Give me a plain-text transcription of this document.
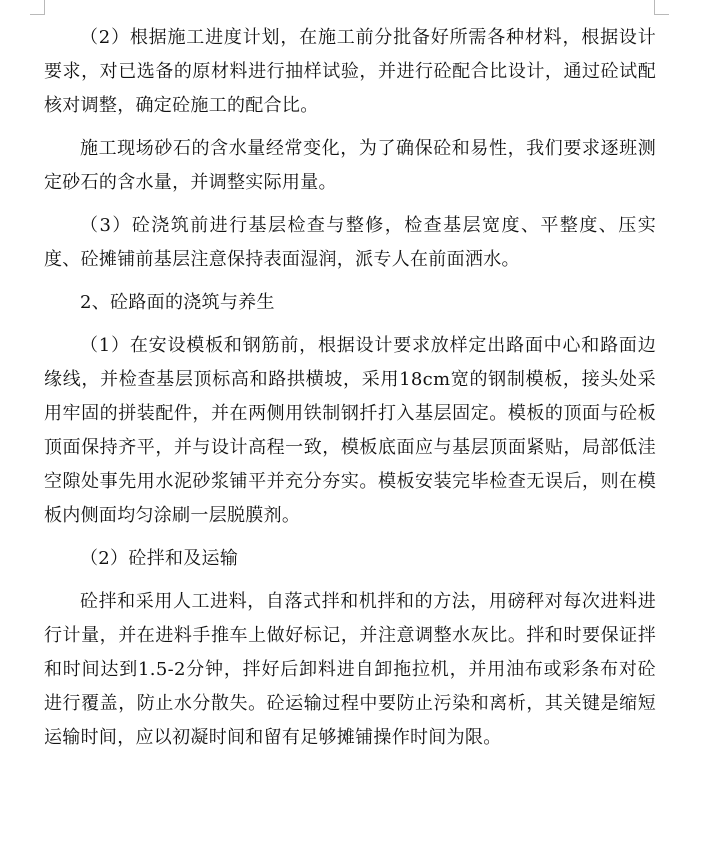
（2）根据施工进度计划，在施工前分批备好所需各种材料，根据设计要求，对已选备的原材料进行抽样试验，并进行砼配合比设计，通过砼试配核对调整，确定砼施工的配合比。

施工现场砂石的含水量经常变化，为了确保砼和易性，我们要求逐班测定砂石的含水量，并调整实际用量。

（3）砼浇筑前进行基层检查与整修，检查基层宽度、平整度、压实度、砼摊铺前基层注意保持表面湿润，派专人在前面洒水。

2、砼路面的浇筑与养生

（1）在安设模板和钢筋前，根据设计要求放样定出路面中心和路面边缘线，并检查基层顶标高和路拱横坡，采用18cm宽的钢制模板，接头处采用牢固的拼装配件，并在两侧用铁制钢扦打入基层固定。模板的顶面与砼板顶面保持齐平，并与设计高程一致，模板底面应与基层顶面紧贴，局部低洼空隙处事先用水泥砂浆铺平并充分夯实。模板安装完毕检查无误后，则在模板内侧面均匀涂刷一层脱膜剂。

（2）砼拌和及运输

砼拌和采用人工进料，自落式拌和机拌和的方法，用磅秤对每次进料进行计量，并在进料手推车上做好标记，并注意调整水灰比。拌和时要保证拌和时间达到1.5-2分钟，拌好后卸料进自卸拖拉机，并用油布或彩条布对砼进行覆盖，防止水分散失。砼运输过程中要防止污染和离析，其关键是缩短运输时间，应以初凝时间和留有足够摊铺操作时间为限。
